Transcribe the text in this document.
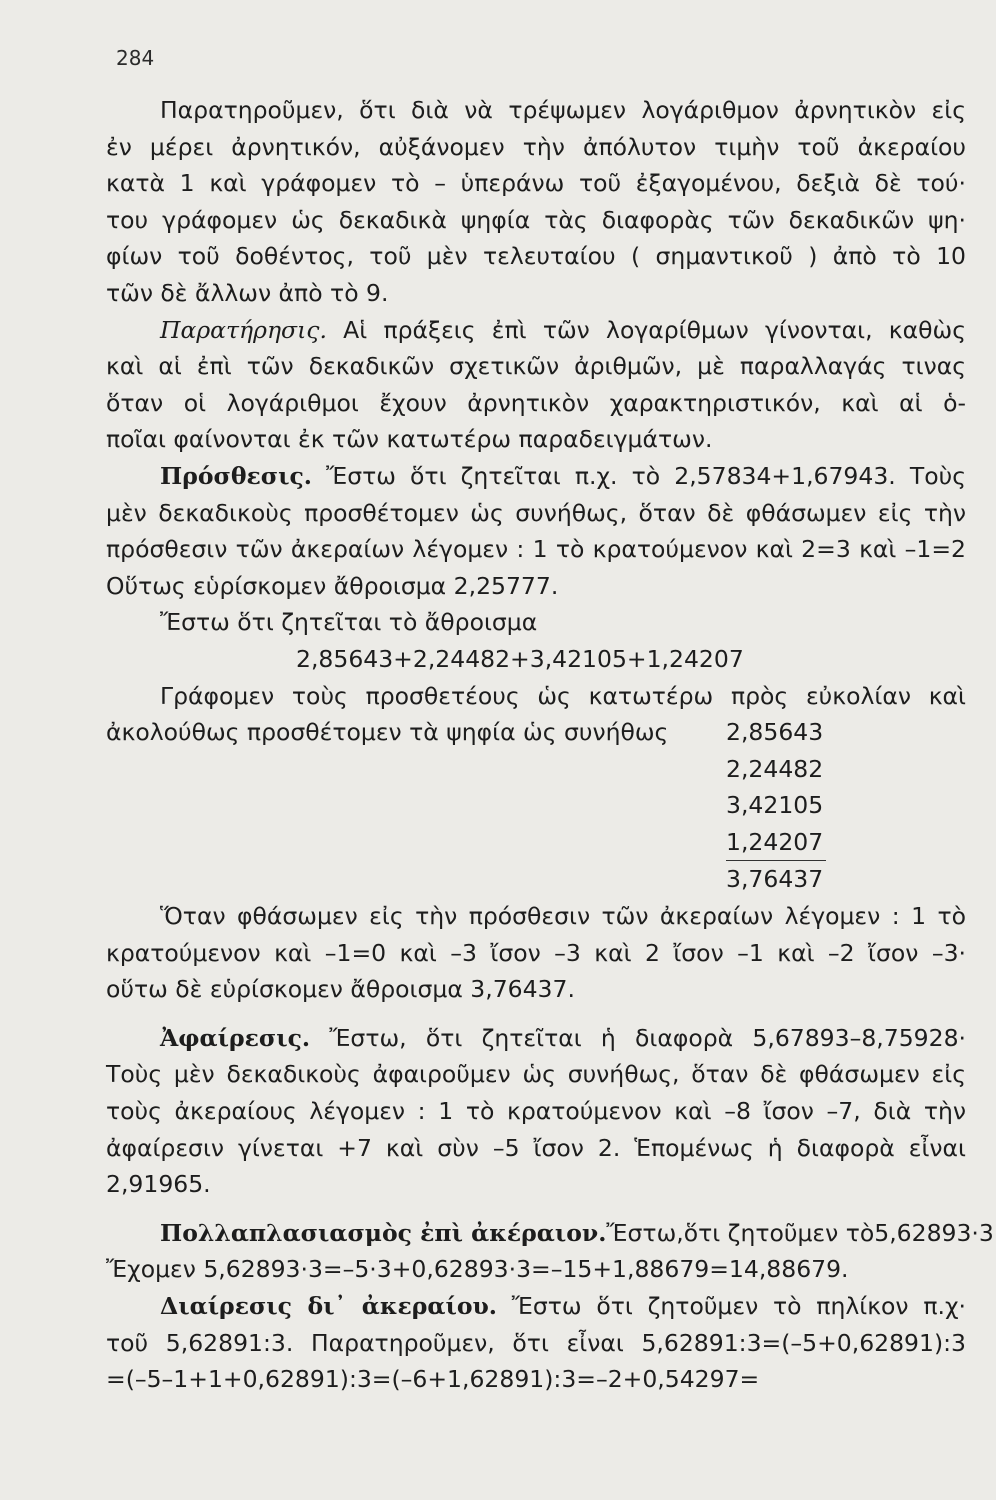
284
Παρατηροῦμεν, ὅτι διὰ νὰ τρέψωμεν λογάριθμον ἀρνητικὸν εἰς
ἐν μέρει ἀρνητικόν, αὐξάνομεν τὴν ἀπόλυτον τιμὴν τοῦ ἀκεραίου
κατὰ 1 καὶ γράφομεν τὸ – ὑπεράνω τοῦ ἐξαγομένου, δεξιὰ δὲ τού·
του γράφομεν ὡς δεκαδικὰ ψηφία τὰς διαφορὰς τῶν δεκαδικῶν ψη·
φίων τοῦ δοθέντος, τοῦ μὲν τελευταίου ( σημαντικοῦ ) ἀπὸ τὸ 10
τῶν δὲ ἄλλων ἀπὸ τὸ 9.
Παρατήρησις. Αἱ πράξεις ἐπὶ τῶν λογαρίθμων γίνονται, καθὼς
καὶ αἱ ἐπὶ τῶν δεκαδικῶν σχετικῶν ἀριθμῶν, μὲ παραλλαγάς τινας
ὅταν οἱ λογάριθμοι ἔχουν ἀρνητικὸν χαρακτηριστικόν, καὶ αἱ ὁ-
ποῖαι φαίνονται ἐκ τῶν κατωτέρω παραδειγμάτων.
Πρόσθεσις. Ἔστω ὅτι ζητεῖται π.χ. τὸ 2,57834+1,67943. Τοὺς
μὲν δεκαδικοὺς προσθέτομεν ὡς συνήθως, ὅταν δὲ φθάσωμεν εἰς τὴν
πρόσθεσιν τῶν ἀκεραίων λέγομεν : 1 τὸ κρατούμενον καὶ 2=3 καὶ –1=2
Οὕτως εὑρίσκομεν ἄθροισμα 2,25777.
Ἔστω ὅτι ζητεῖται τὸ ἄθροισμα
2,85643+2,24482+3,42105+1,24207
Γράφομεν τοὺς προσθετέους ὡς κατωτέρω πρὸς εὐκολίαν καὶ
ἀκολούθως προσθέτομεν τὰ ψηφία ὡς συνήθως	2,85643
2,24482
3,42105
1,24207
3,76437
Ὅταν φθάσωμεν εἰς τὴν πρόσθεσιν τῶν ἀκεραίων λέγομεν : 1 τὸ
κρατούμενον καὶ –1=0 καὶ –3 ἴσον –3 καὶ 2 ἴσον –1 καὶ –2 ἴσον –3·
οὕτω δὲ εὑρίσκομεν ἄθροισμα 3,76437.
Ἀφαίρεσις. Ἔστω, ὅτι ζητεῖται ἡ διαφορὰ 5,67893–8,75928·
Τοὺς μὲν δεκαδικοὺς ἀφαιροῦμεν ὡς συνήθως, ὅταν δὲ φθάσωμεν εἰς
τοὺς ἀκεραίους λέγομεν : 1 τὸ κρατούμενον καὶ –8 ἴσον –7, διὰ τὴν
ἀφαίρεσιν γίνεται +7 καὶ σὺν –5 ἴσον 2. Ἑπομένως ἡ διαφορὰ εἶναι
2,91965.
Πολλαπλασιασμὸς ἐπὶ ἀκέραιον.Ἔστω,ὅτι ζητοῦμεν τὸ5,62893·3
Ἔχομεν 5,62893·3=–5·3+0,62893·3=–15+1,88679=14,88679.
Διαίρεσις δι᾽ ἀκεραίου. Ἔστω ὅτι ζητοῦμεν τὸ πηλίκον π.χ·
τοῦ 5,62891:3. Παρατηροῦμεν, ὅτι εἶναι 5,62891:3=(–5+0,62891):3
=(–5–1+1+0,62891):3=(–6+1,62891):3=–2+0,54297=
